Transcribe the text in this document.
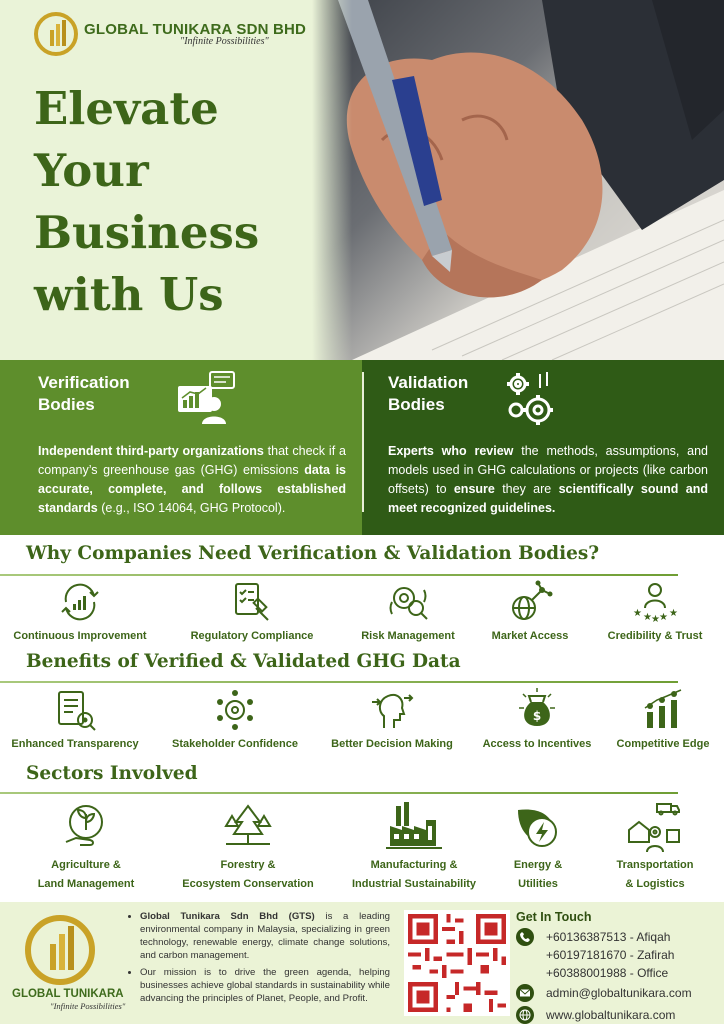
GLOBAL TUNIKARA SDN BHD
"Infinite Possibilities"
Elevate
Your
Business
with Us
Verification
Bodies

Independent third-party organizations that check if a company’s greenhouse gas (GHG) emissions data is accurate, complete, and follows established standards (e.g., ISO 14064, GHG Protocol).

Validation
Bodies

Experts who review the methods, assumptions, and models used in GHG calculations or projects (like carbon offsets) to ensure they are scientifically sound and meet recognized guidelines.

Why Companies Need Verification & Validation Bodies?
Continuous Improvement	Regulatory Compliance	Risk Management	Market Access
★ ★ ★ ★ ★
Credibility & Trust
Benefits of Verified & Validated GHG Data
Enhanced Transparency	Stakeholder Confidence	Better Decision Making
$
Access to Incentives	Competitive Edge
Sectors Involved
Agriculture &
Land Management
Forestry &
Ecosystem Conservation
Manufacturing &
Industrial Sustainability
Energy &
Utilities
Transportation
& Logistics
GLOBAL TUNIKARA
"Infinite Possibilities"
• Global Tunikara Sdn Bhd (GTS) is a leading environmental company in Malaysia, specializing in green technology, renewable energy, climate change solutions, and carbon management.
• Our mission is to drive the green agenda, helping businesses achieve global standards in sustainability while advancing the principles of Planet, People, and Profit.
Get In Touch
+60136387513 - Afiqah
+60197181670 - Zafirah
+60388001988 - Office
admin@globaltunikara.com
www.globaltunikara.com
